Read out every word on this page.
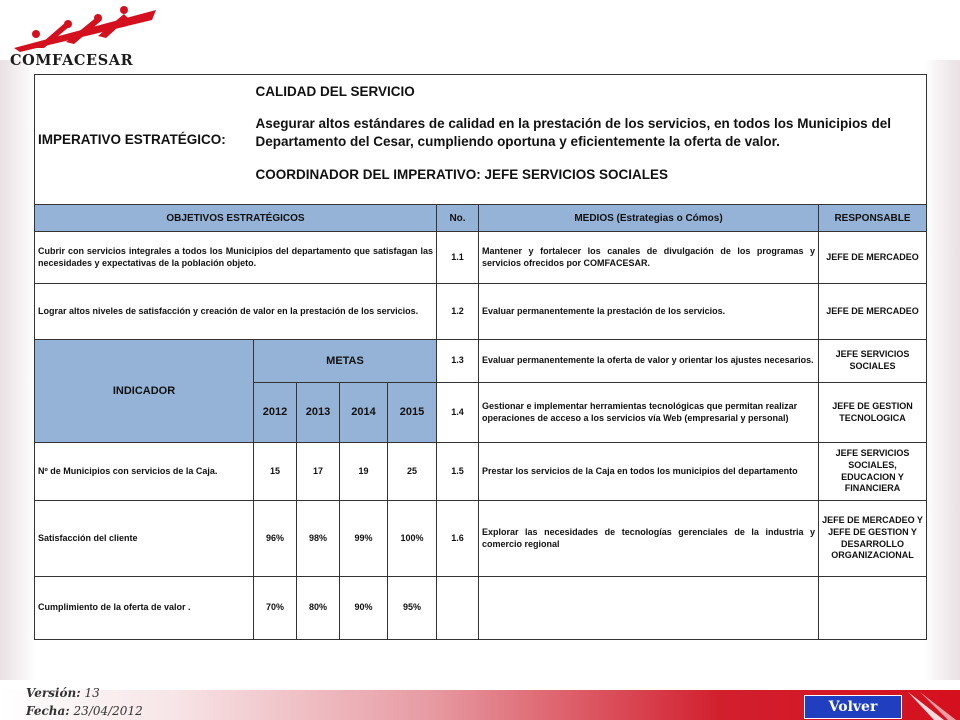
COMFACESAR
IMPERATIVO ESTRATÉGICO:	CALIDAD DEL SERVICIO

Asegurar altos estándares de calidad en la prestación de los servicios, en todos los Municipios del Departamento del Cesar, cumpliendo oportuna y eficientemente la oferta de valor.

COORDINADOR DEL IMPERATIVO: JEFE SERVICIOS SOCIALES						

OBJETIVOS ESTRATÉGICOS					No.	MEDIOS (Estrategias o Cómos)	RESPONSABLE
Cubrir con servicios integrales a todos los Municipios del departamento que satisfagan las necesidades y expectativas de la población objeto.					1.1	Mantener y fortalecer los canales de divulgación de los programas y servicios ofrecidos por COMFACESAR.	JEFE DE MERCADEO
Lograr altos niveles de satisfacción y creación de valor en la prestación de los servicios.					1.2	Evaluar permanentemente la prestación de los servicios.	JEFE DE MERCADEO
INDICADOR	METAS				1.3	Evaluar permanentemente la oferta de valor y orientar los ajustes necesarios.	JEFE SERVICIOS SOCIALES
	2012	2013	2014	2015	1.4	Gestionar e implementar herramientas tecnológicas que permitan realizar operaciones de acceso a los servicios vía Web (empresarial y personal)	JEFE DE GESTION TECNOLOGICA
Nº de Municipios con servicios de la Caja.	15	17	19	25	1.5	Prestar los servicios de la Caja en todos los municipios del departamento	JEFE SERVICIOS SOCIALES, EDUCACION Y FINANCIERA
Satisfacción del cliente	96%	98%	99%	100%	1.6	Explorar las necesidades de tecnologías gerenciales de la industria y comercio regional	JEFE DE MERCADEO Y JEFE DE GESTION Y DESARROLLO ORGANIZACIONAL
Cumplimiento de la oferta de valor .	70%	80%	90%	95%			
Versión: 13
Fecha: 23/04/2012	Volver
